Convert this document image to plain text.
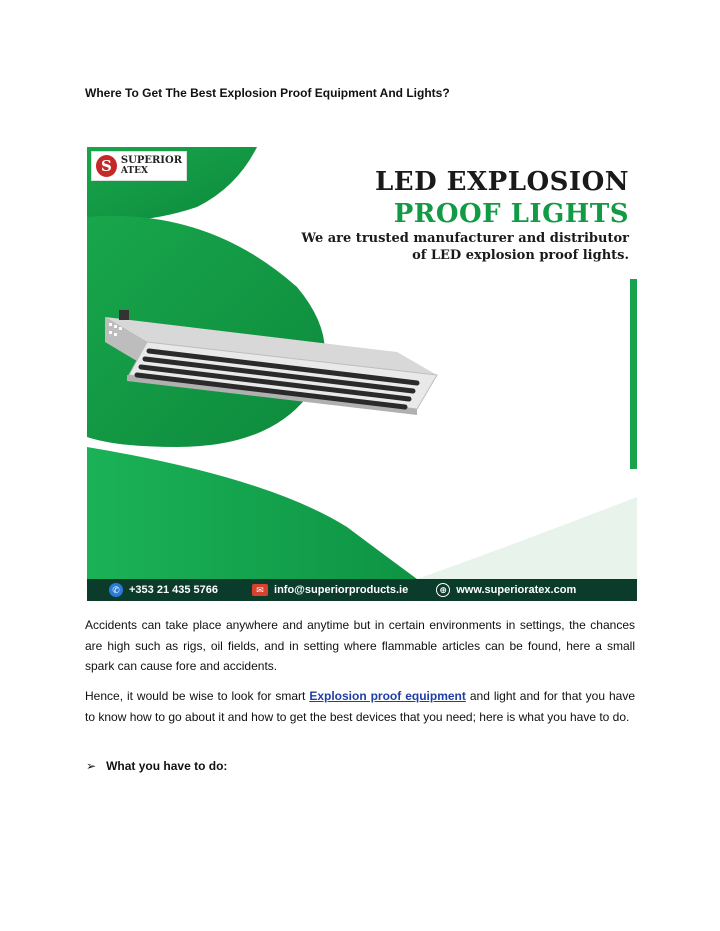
Where To Get The Best Explosion Proof Equipment And Lights?
S SUPERIOR
ATEX	LED EXPLOSION
PROOF LIGHTS
We are trusted manufacturer and distributor
of LED explosion proof lights.
✆ +353 21 435 5766	✉ info@superiorproducts.ie	⊕ www.superioratex.com

Accidents can take place anywhere and anytime but in certain environments in settings, the chances are high such as rigs, oil fields, and in setting where flammable articles can be found, here a small spark can cause fore and accidents.

Hence, it would be wise to look for smart Explosion proof equipment and light and for that you have to know how to go about it and how to get the best devices that you need; here is what you have to do.

➢ What you have to do:
